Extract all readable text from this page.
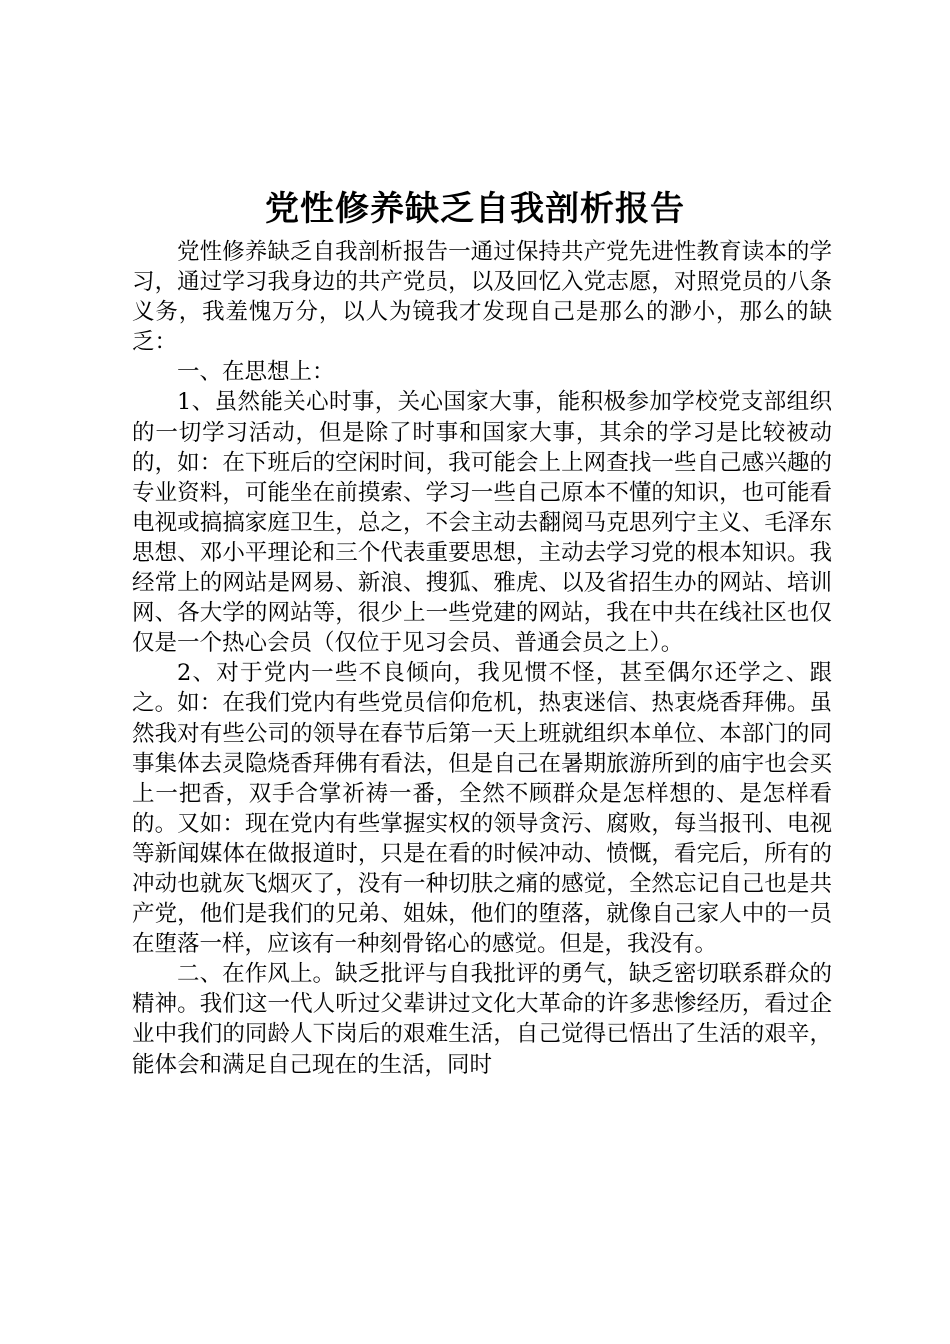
党性修养缺乏自我剖析报告

党性修养缺乏自我剖析报告一通过保持共产党先进性教育读本的学习，通过学习我身边的共产党员，以及回忆入党志愿，对照党员的八条义务，我羞愧万分，以人为镜我才发现自己是那么的渺小，那么的缺乏：

一、在思想上：

1、虽然能关心时事，关心国家大事，能积极参加学校党支部组织的一切学习活动，但是除了时事和国家大事，其余的学习是比较被动的，如：在下班后的空闲时间，我可能会上上网查找一些自己感兴趣的专业资料，可能坐在前摸索、学习一些自己原本不懂的知识，也可能看电视或搞搞家庭卫生，总之，不会主动去翻阅马克思列宁主义、毛泽东思想、邓小平理论和三个代表重要思想，主动去学习党的根本知识。我经常上的网站是网易、新浪、搜狐、雅虎、以及省招生办的网站、培训网、各大学的网站等，很少上一些党建的网站，我在中共在线社区也仅仅是一个热心会员（仅位于见习会员、普通会员之上）。

2、对于党内一些不良倾向，我见惯不怪，甚至偶尔还学之、跟之。如：在我们党内有些党员信仰危机，热衷迷信、热衷烧香拜佛。虽然我对有些公司的领导在春节后第一天上班就组织本单位、本部门的同事集体去灵隐烧香拜佛有看法，但是自己在暑期旅游所到的庙宇也会买上一把香，双手合掌祈祷一番，全然不顾群众是怎样想的、是怎样看的。又如：现在党内有些掌握实权的领导贪污、腐败，每当报刊、电视等新闻媒体在做报道时，只是在看的时候冲动、愤慨，看完后，所有的冲动也就灰飞烟灭了，没有一种切肤之痛的感觉，全然忘记自己也是共产党，他们是我们的兄弟、姐妹，他们的堕落，就像自己家人中的一员在堕落一样，应该有一种刻骨铭心的感觉。但是，我没有。

二、在作风上。缺乏批评与自我批评的勇气，缺乏密切联系群众的精神。我们这一代人听过父辈讲过文化大革命的许多悲惨经历，看过企业中我们的同龄人下岗后的艰难生活，自己觉得已悟出了生活的艰辛，能体会和满足自己现在的生活，同时
